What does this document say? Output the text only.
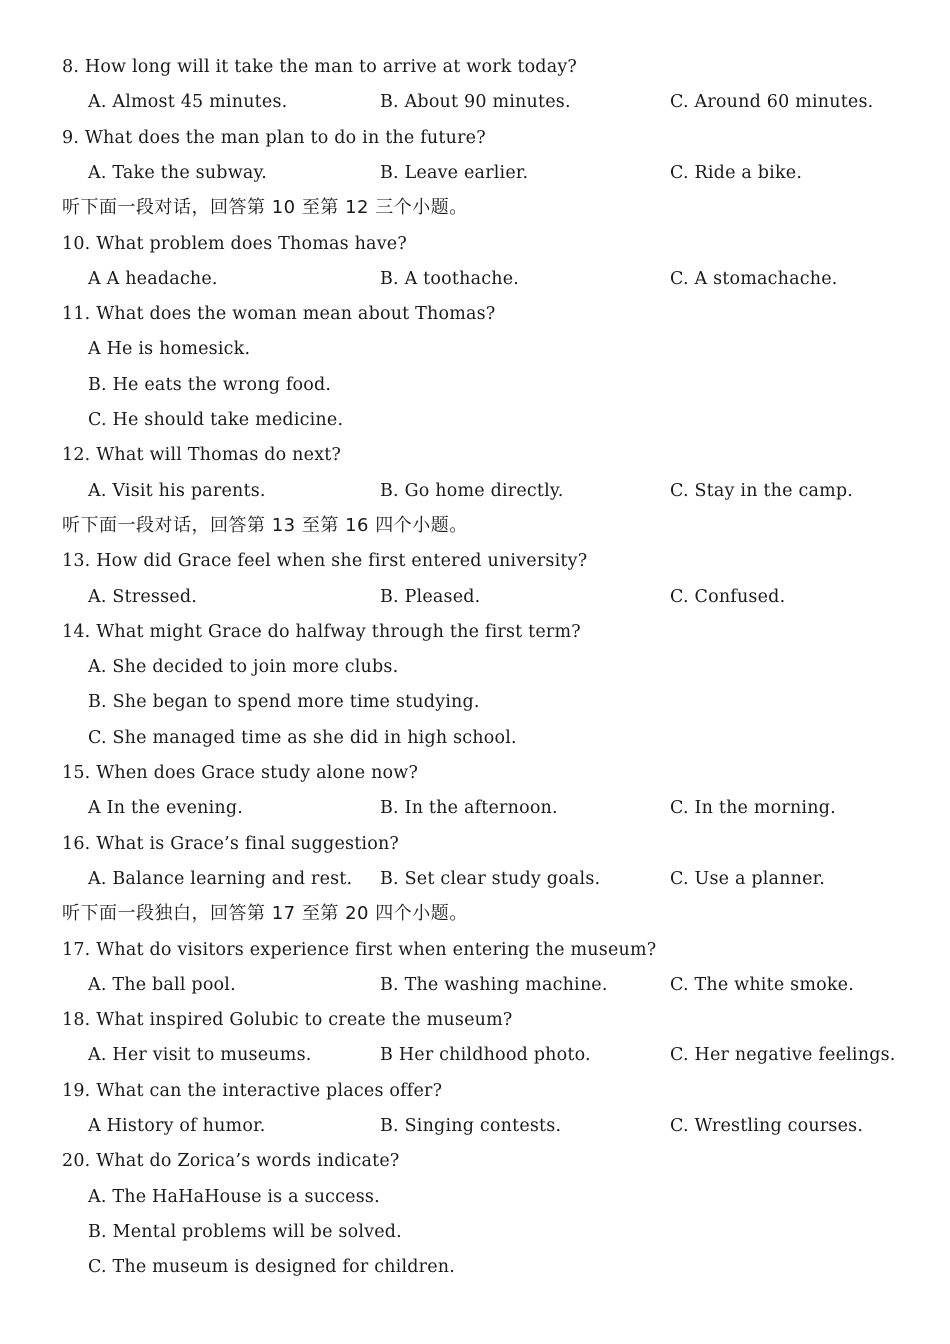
8. How long will it take the man to arrive at work today?
A. Almost 45 minutes.	B. About 90 minutes.	C. Around 60 minutes.
9. What does the man plan to do in the future?
A. Take the subway.	B. Leave earlier.	C. Ride a bike.
听下面一段对话，回答第 10 至第 12 三个小题。
10. What problem does Thomas have?
A A headache.	B. A toothache.	C. A stomachache.
11. What does the woman mean about Thomas?
A He is homesick.
B. He eats the wrong food.
C. He should take medicine.
12. What will Thomas do next?
A. Visit his parents.	B. Go home directly.	C. Stay in the camp.
听下面一段对话，回答第 13 至第 16 四个小题。
13. How did Grace feel when she first entered university?
A. Stressed.	B. Pleased.	C. Confused.
14. What might Grace do halfway through the first term?
A. She decided to join more clubs.
B. She began to spend more time studying.
C. She managed time as she did in high school.
15. When does Grace study alone now?
A In the evening.	B. In the afternoon.	C. In the morning.
16. What is Grace’s final suggestion?
A. Balance learning and rest. B. Set clear study goals.	C. Use a planner.
听下面一段独白，回答第 17 至第 20 四个小题。
17. What do visitors experience first when entering the museum?
A. The ball pool.	B. The washing machine.	C. The white smoke.
18. What inspired Golubic to create the museum?
A. Her visit to museums.	B Her childhood photo.	C. Her negative feelings.
19. What can the interactive places offer?
A History of humor.	B. Singing contests.	C. Wrestling courses.
20. What do Zorica’s words indicate?
A. The HaHaHouse is a success.
B. Mental problems will be solved.
C. The museum is designed for children.
